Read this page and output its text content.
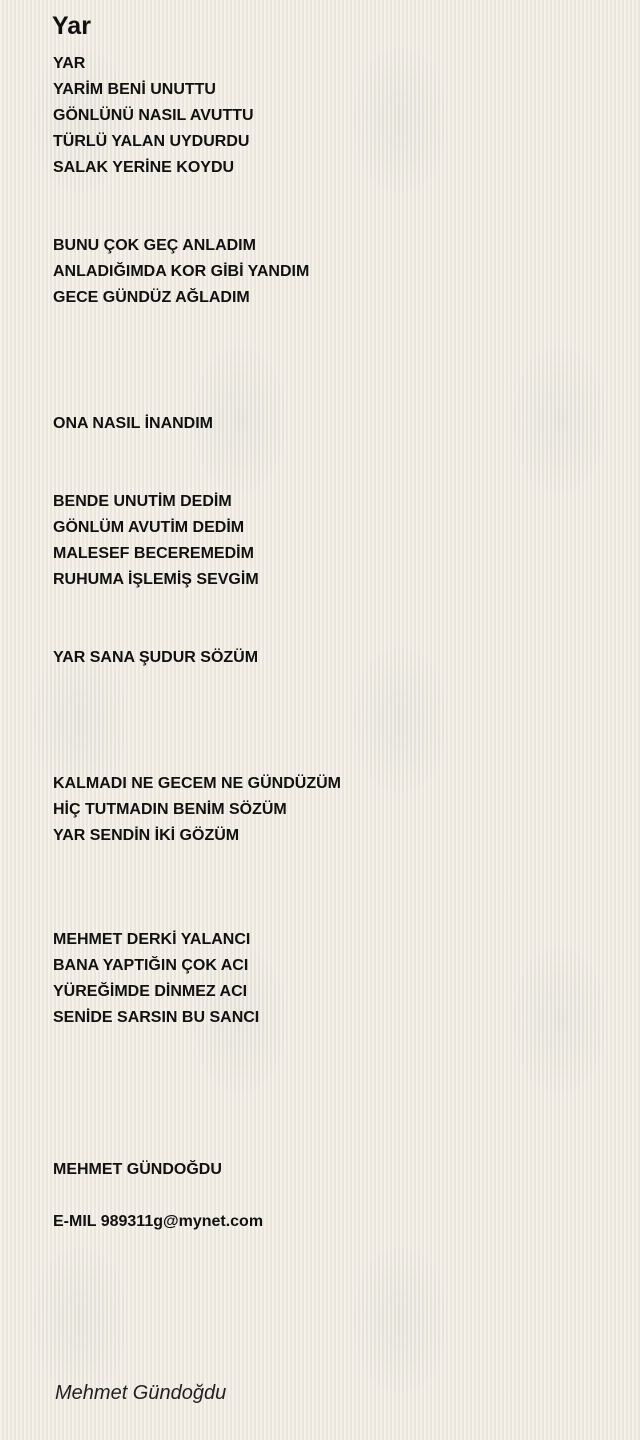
Yar

YAR

YARİM BENİ UNUTTU

GÖNLÜNÜ NASIL AVUTTU

TÜRLÜ YALAN UYDURDU

SALAK YERİNE KOYDU

BUNU ÇOK GEÇ ANLADIM

ANLADIĞIMDA KOR GİBİ YANDIM

GECE GÜNDÜZ AĞLADIM

ONA NASIL İNANDIM

BENDE UNUTİM DEDİM

GÖNLÜM AVUTİM DEDİM

MALESEF BECEREMEDİM

RUHUMA İŞLEMİŞ SEVGİM

YAR SANA ŞUDUR SÖZÜM

KALMADI NE GECEM NE GÜNDÜZÜM

HİÇ TUTMADIN BENİM SÖZÜM

YAR SENDİN İKİ GÖZÜM

MEHMET DERKİ YALANCI

BANA YAPTIĞIN ÇOK ACI

YÜREĞİMDE DİNMEZ ACI

SENİDE SARSIN BU SANCI

MEHMET GÜNDOĞDU

E-MIL 989311g@mynet.com

Mehmet Gündoğdu
